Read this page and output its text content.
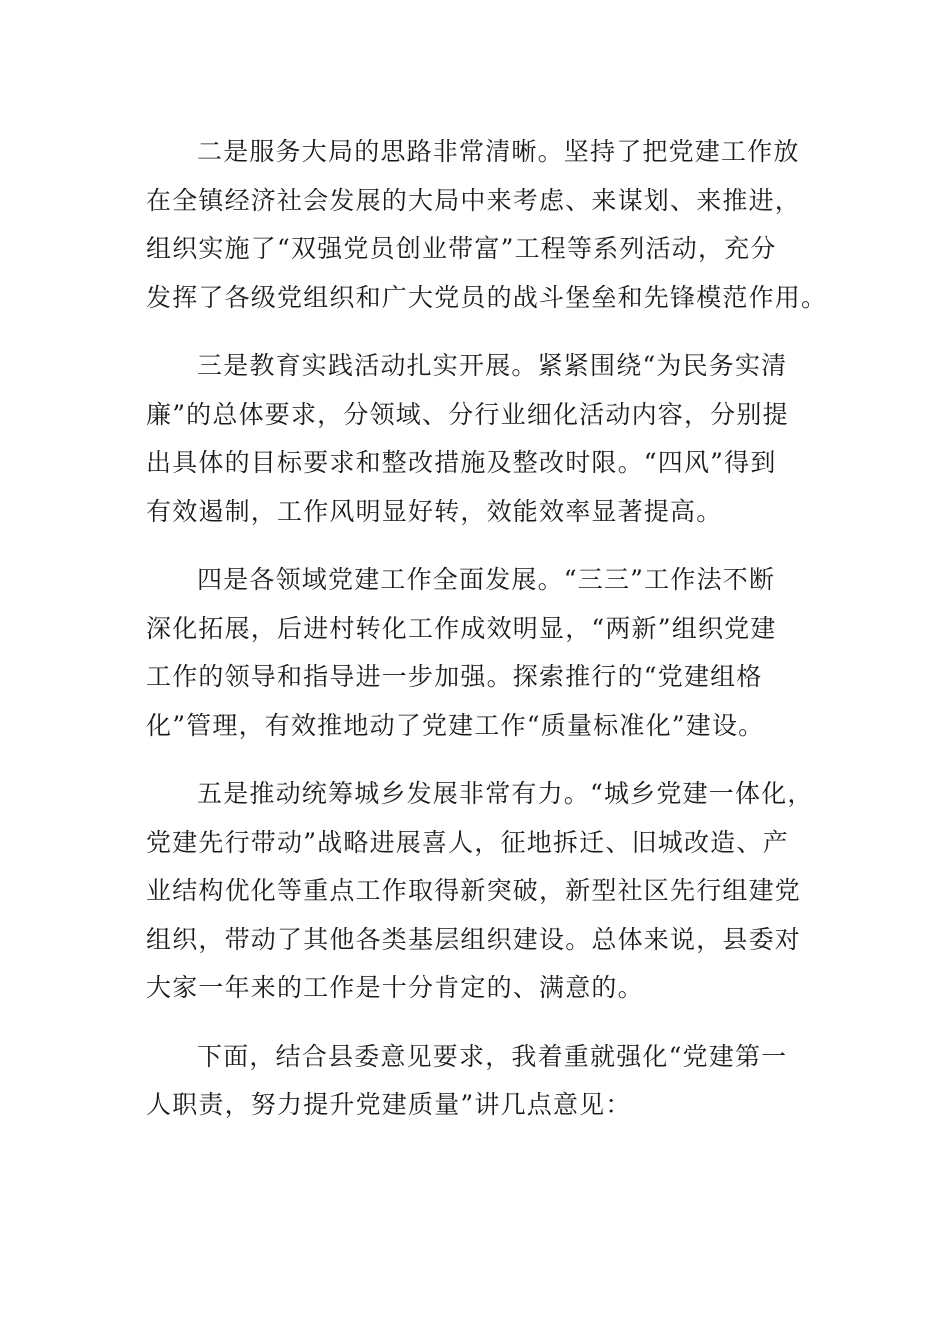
二是服务大局的思路非常清晰。坚持了把党建工作放
在全镇经济社会发展的大局中来考虑、来谋划、来推进，
组织实施了“双强党员创业带富”工程等系列活动，充分
发挥了各级党组织和广大党员的战斗堡垒和先锋模范作用。

三是教育实践活动扎实开展。紧紧围绕“为民务实清
廉”的总体要求，分领域、分行业细化活动内容，分别提
出具体的目标要求和整改措施及整改时限。“四风”得到
有效遏制，工作风明显好转，效能效率显著提高。

四是各领域党建工作全面发展。“三三”工作法不断
深化拓展，后进村转化工作成效明显，“两新”组织党建
工作的领导和指导进一步加强。探索推行的“党建组格
化”管理，有效推地动了党建工作“质量标准化”建设。

五是推动统筹城乡发展非常有力。“城乡党建一体化，
党建先行带动”战略进展喜人，征地拆迁、旧城改造、产
业结构优化等重点工作取得新突破，新型社区先行组建党
组织，带动了其他各类基层组织建设。总体来说，县委对
大家一年来的工作是十分肯定的、满意的。

下面，结合县委意见要求，我着重就强化“党建第一
人职责，努力提升党建质量”讲几点意见：
